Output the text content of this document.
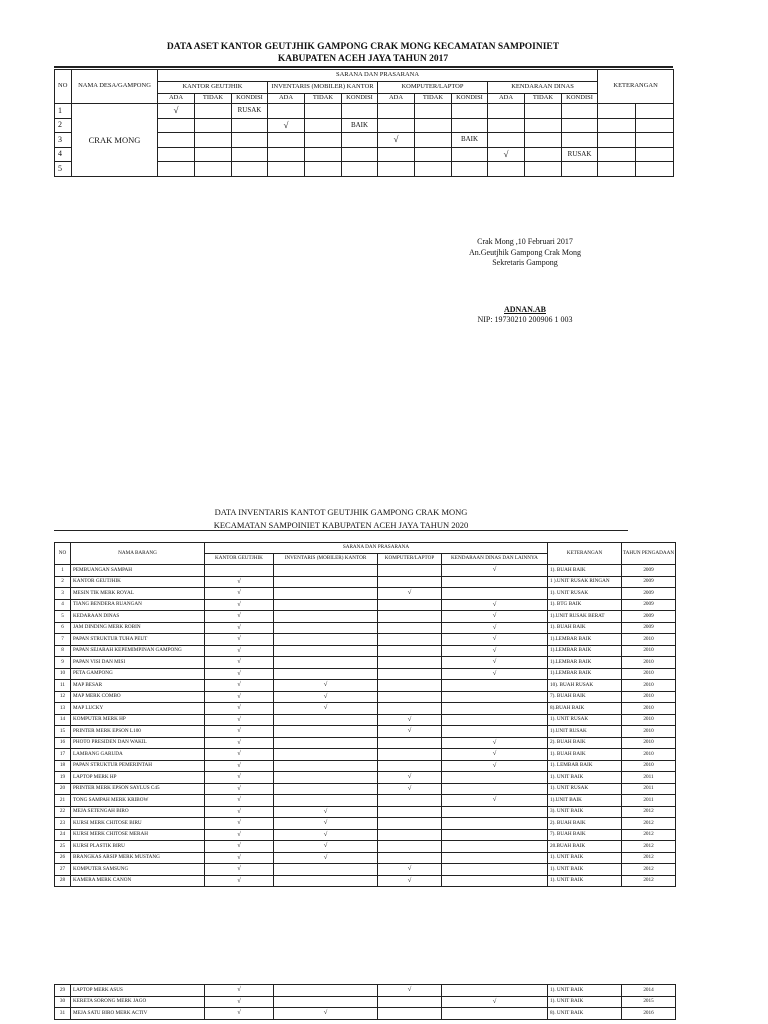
DATA ASET KANTOR GEUTJHIK GAMPONG CRAK MONG KECAMATAN SAMPOINIET
KABUPATEN ACEH JAYA TAHUN 2017
NO	NAMA DESA/GAMPONG	SARANA DAN PRASARANA												KETERANGAN	
		KANTOR GEUTJHIK			INVENTARIS (MOBILER) KANTOR			KOMPUTER/LAPTOP			KENDARAAN DINAS				
		ADA	TIDAK	KONDISI	ADA	TIDAK	KONDISI	ADA	TIDAK	KONDISI	ADA	TIDAK	KONDISI		
1	CRAK MONG	√		RUSAK											
2					√		BAIK								
3								√		BAIK					
4											√		RUSAK		
5															
Crak Mong ,10 Februari 2017
An.Geutjhik Gampong Crak Mong
Sekretaris Gampong
ADNAN.AB
NIP: 19730210 200906 1 003
DATA INVENTARIS KANTOT GEUTJHIK GAMPONG CRAK MONG
KECAMATAN SAMPOINIET KABUPATEN ACEH JAYA TAHUN 2020
NO	NAMA BARANG	SARANA DAN PRASARANA				KETERANGAN	TAHUN PENGADAAN
		KANTOR GEUTJHIK	INVENTARIS (MOBILER) KANTOR	KOMPUTER/LAPTOP	KENDARAAN DINAS DAN LAINNYA		
1	PEMBUANGAN SAMPAH				√	1). BUAH BAIK	2009
2	KANTOR GEUTJHIK	√				1 ).UNIT RUSAK RINGAN	2009
3	MESIN TIK MERK ROYAL	√		√		1). UNIT RUSAK	2009
4	TIANG BENDERA RUANGAN	√			√	1). BTG BAIK	2009
5	KEDARAAN DINAS	√			√	1).UNIT RUSAK BERAT	2009
6	JAM DINDING MERK ROBIN	√			√	1). BUAH BAIK	2009
7	PAPAN STRUKTUR TUHA PEUT	√			√	1).LEMBAR BAIK	2010
8	PAPAN SEJARAH KEPEMIMPINAN GAMPONG	√			√	1).LEMBAR BAIK	2010
9	PAPAN VISI DAN MISI	√			√	1).LEMBAR BAIK	2010
10	PETA GAMPONG	√			√	1).LEMBAR BAIK	2010
11	MAP BESAR	√	√			10). BUAH RUSAK	2010
12	MAP MERK COMBO	√	√			7). BUAH BAIK	2010
13	MAP LUCKY	√	√			8).BUAH BAIK	2010
14	KOMPUTER MERK HP	√		√		1). UNIT RUSAK	2010
15	PRINTER MERK EPSON L100	√		√		1).UNIT RUSAK	2010
16	PHOTO PRESIDEN DAN WAKIL	√			√	2). BUAH BAIK	2010
17	LAMBANG GARUDA	√			√	1). BUAH BAIK	2010
18	PAPAN STRUKTUR PEMERINTAH	√			√	1). LEMBAR BAIK	2010
19	LAPTOP MERK HP	√		√		1). UNIT BAIK	2011
20	PRINTER MERK EPSON SAYLUS C45	√		√		1). UNIT RUSAK	2011
21	TONG SAMPAH MERK KRIBOW	√			√	1).UNIT BAIK	2011
22	MEJA SETENGAH BIRO	√	√			3). UNIT BAIK	2012
23	KURSI MERK CHITOSE BIRU	√	√			2). BUAH BAIK	2012
24	KURSI MERK CHITOSE MERAH	√	√			7). BUAH BAIK	2012
25	KURSI PLASTIK BIRU	√	√			20.BUAH BAIK	2012
26	BRANGKAS ARSIP MERK MUSTANG	√	√			1). UNIT BAIK	2012
27	KOMPUTER SAMSUNG	√		√		1). UNIT BAIK	2012
28	KAMERA MERK CANON	√		√		1). UNIT BAIK	2012
29	LAPTOP MERK ASUS	√		√		1). UNIT BAIK	2014
30	KERETA SORONG MERK JAGO	√			√	1). UNIT BAIK	2015
31	MEJA SATU BIRO MERK ACTIV	√	√			8). UNIT BAIK	2016
